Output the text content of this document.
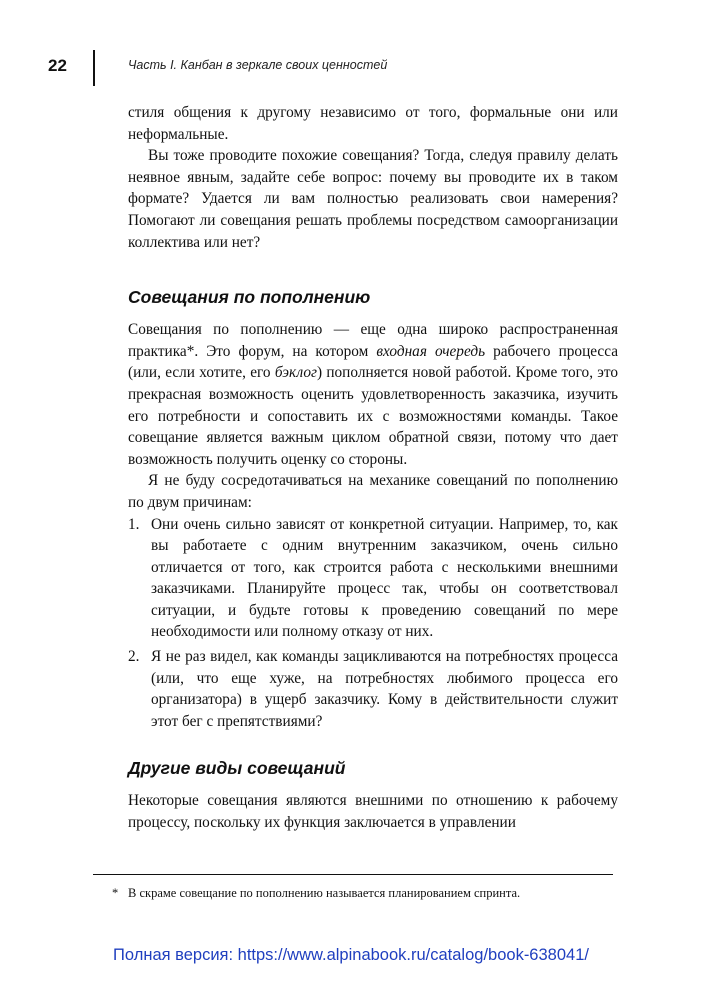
22	Часть I. Канбан в зеркале своих ценностей

стиля общения к другому независимо от того, формальные они или неформальные.

Вы тоже проводите похожие совещания? Тогда, следуя правилу делать неявное явным, задайте себе вопрос: почему вы проводите их в таком формате? Удается ли вам полностью реализовать свои намерения? Помогают ли совещания решать проблемы посредством самоорганизации коллектива или нет?

Совещания по пополнению

Совещания по пополнению — еще одна широко распространенная практика*. Это форум, на котором входная очередь рабочего процесса (или, если хотите, его бэклог) пополняется новой работой. Кроме того, это прекрасная возможность оценить удовлетворенность заказчика, изучить его потребности и сопоставить их с возможностями команды. Такое совещание является важным циклом обратной связи, потому что дает возможность получить оценку со стороны.

Я не буду сосредотачиваться на механике совещаний по пополнению по двум причинам:

1. Они очень сильно зависят от конкретной ситуации. Например, то, как вы работаете с одним внутренним заказчиком, очень сильно отличается от того, как строится работа с несколькими внешними заказчиками. Планируйте процесс так, чтобы он соответствовал ситуации, и будьте готовы к проведению совещаний по мере необходимости или полному отказу от них.
2. Я не раз видел, как команды зацикливаются на потребностях процесса (или, что еще хуже, на потребностях любимого процесса его организатора) в ущерб заказчику. Кому в действительности служит этот бег с препятствиями?
Другие виды совещаний

Некоторые совещания являются внешними по отношению к рабочему процессу, поскольку их функция заключается в управлении

* В скраме совещание по пополнению называется планированием спринта.
Полная версия: https://www.alpinabook.ru/catalog/book-638041/
